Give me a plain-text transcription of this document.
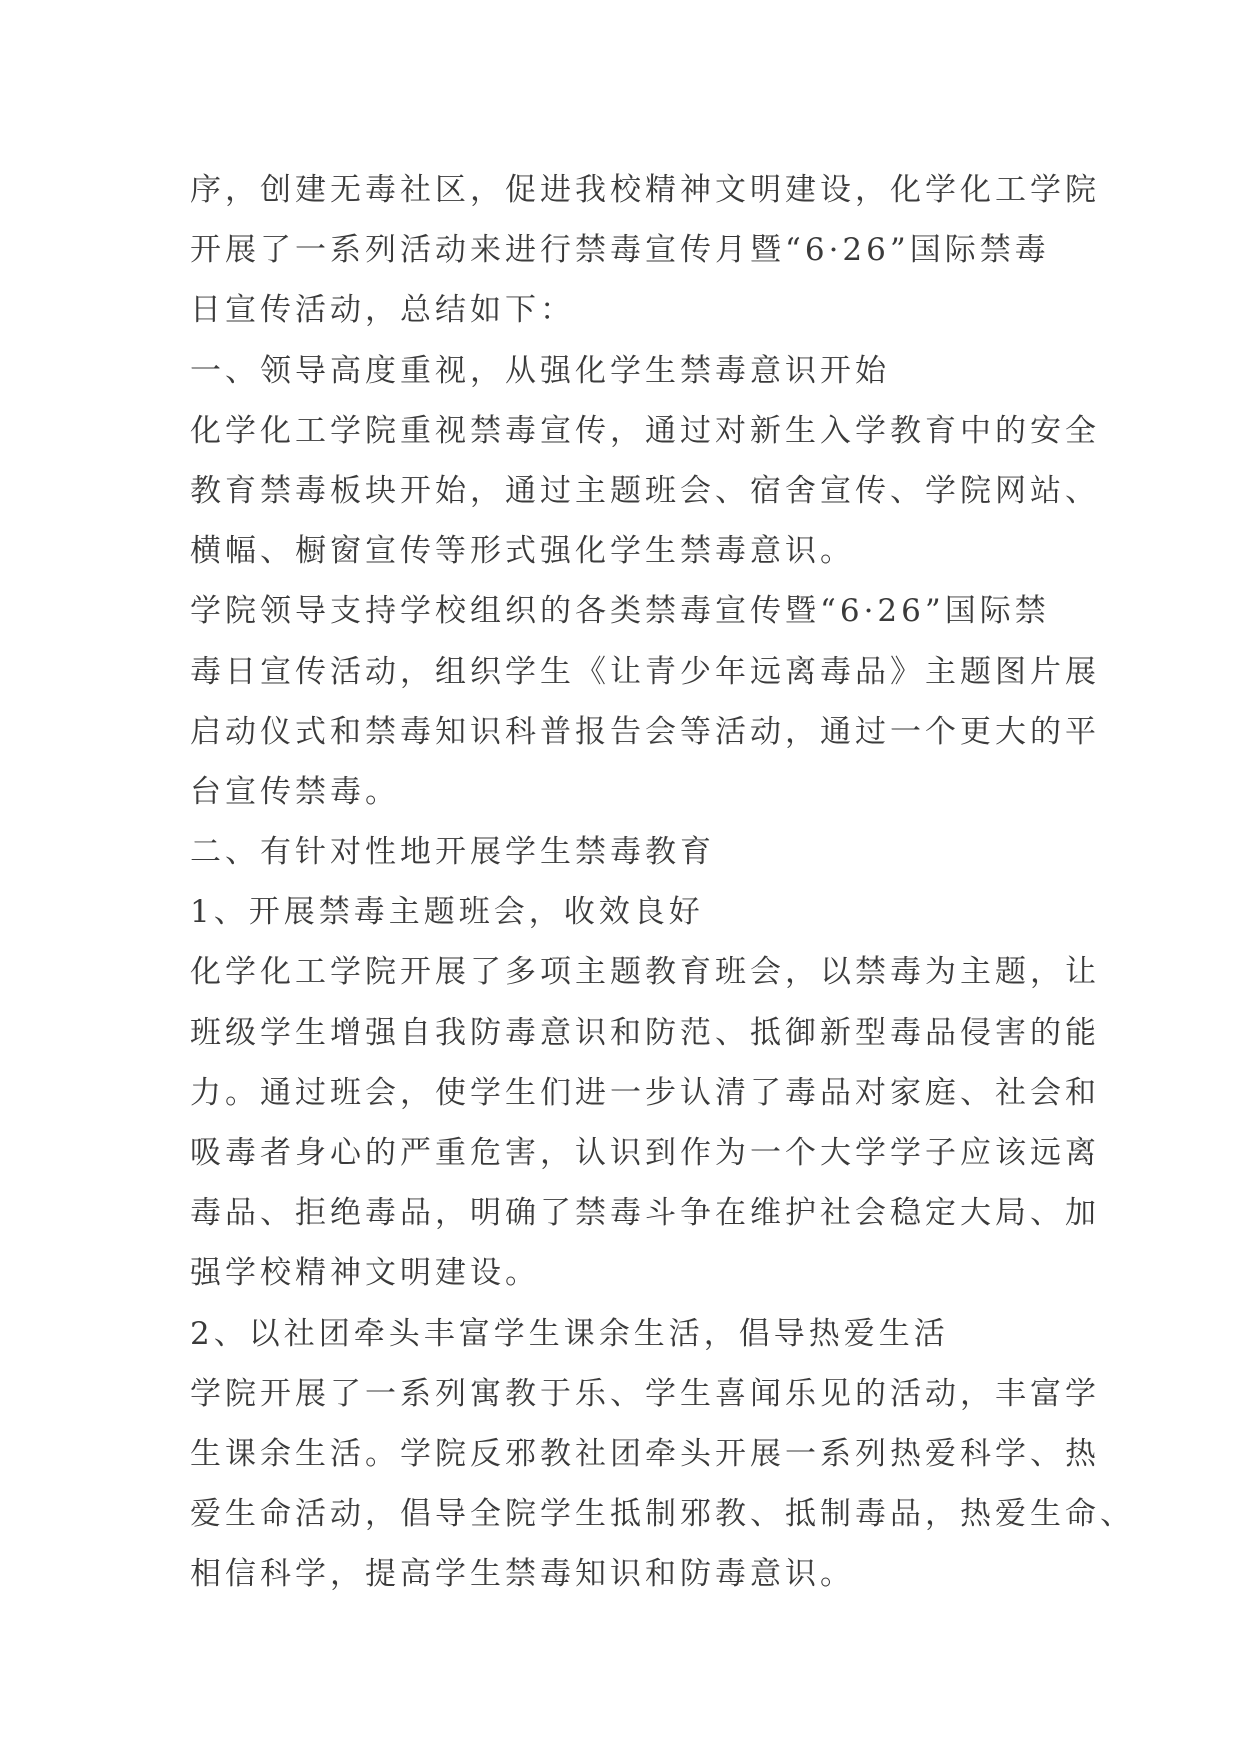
序，创建无毒社区，促进我校精神文明建设，化学化工学院
开展了一系列活动来进行禁毒宣传月暨“6·26”国际禁毒
日宣传活动，总结如下：
一、领导高度重视，从强化学生禁毒意识开始
化学化工学院重视禁毒宣传，通过对新生入学教育中的安全
教育禁毒板块开始，通过主题班会、宿舍宣传、学院网站、
横幅、橱窗宣传等形式强化学生禁毒意识。
学院领导支持学校组织的各类禁毒宣传暨“6·26”国际禁
毒日宣传活动，组织学生《让青少年远离毒品》主题图片展
启动仪式和禁毒知识科普报告会等活动，通过一个更大的平
台宣传禁毒。
二、有针对性地开展学生禁毒教育
1、开展禁毒主题班会，收效良好
化学化工学院开展了多项主题教育班会，以禁毒为主题，让
班级学生增强自我防毒意识和防范、抵御新型毒品侵害的能
力。通过班会，使学生们进一步认清了毒品对家庭、社会和
吸毒者身心的严重危害，认识到作为一个大学学子应该远离
毒品、拒绝毒品，明确了禁毒斗争在维护社会稳定大局、加
强学校精神文明建设。
2、以社团牵头丰富学生课余生活，倡导热爱生活
学院开展了一系列寓教于乐、学生喜闻乐见的活动，丰富学
生课余生活。学院反邪教社团牵头开展一系列热爱科学、热
爱生命活动，倡导全院学生抵制邪教、抵制毒品，热爱生命、
相信科学，提高学生禁毒知识和防毒意识。
